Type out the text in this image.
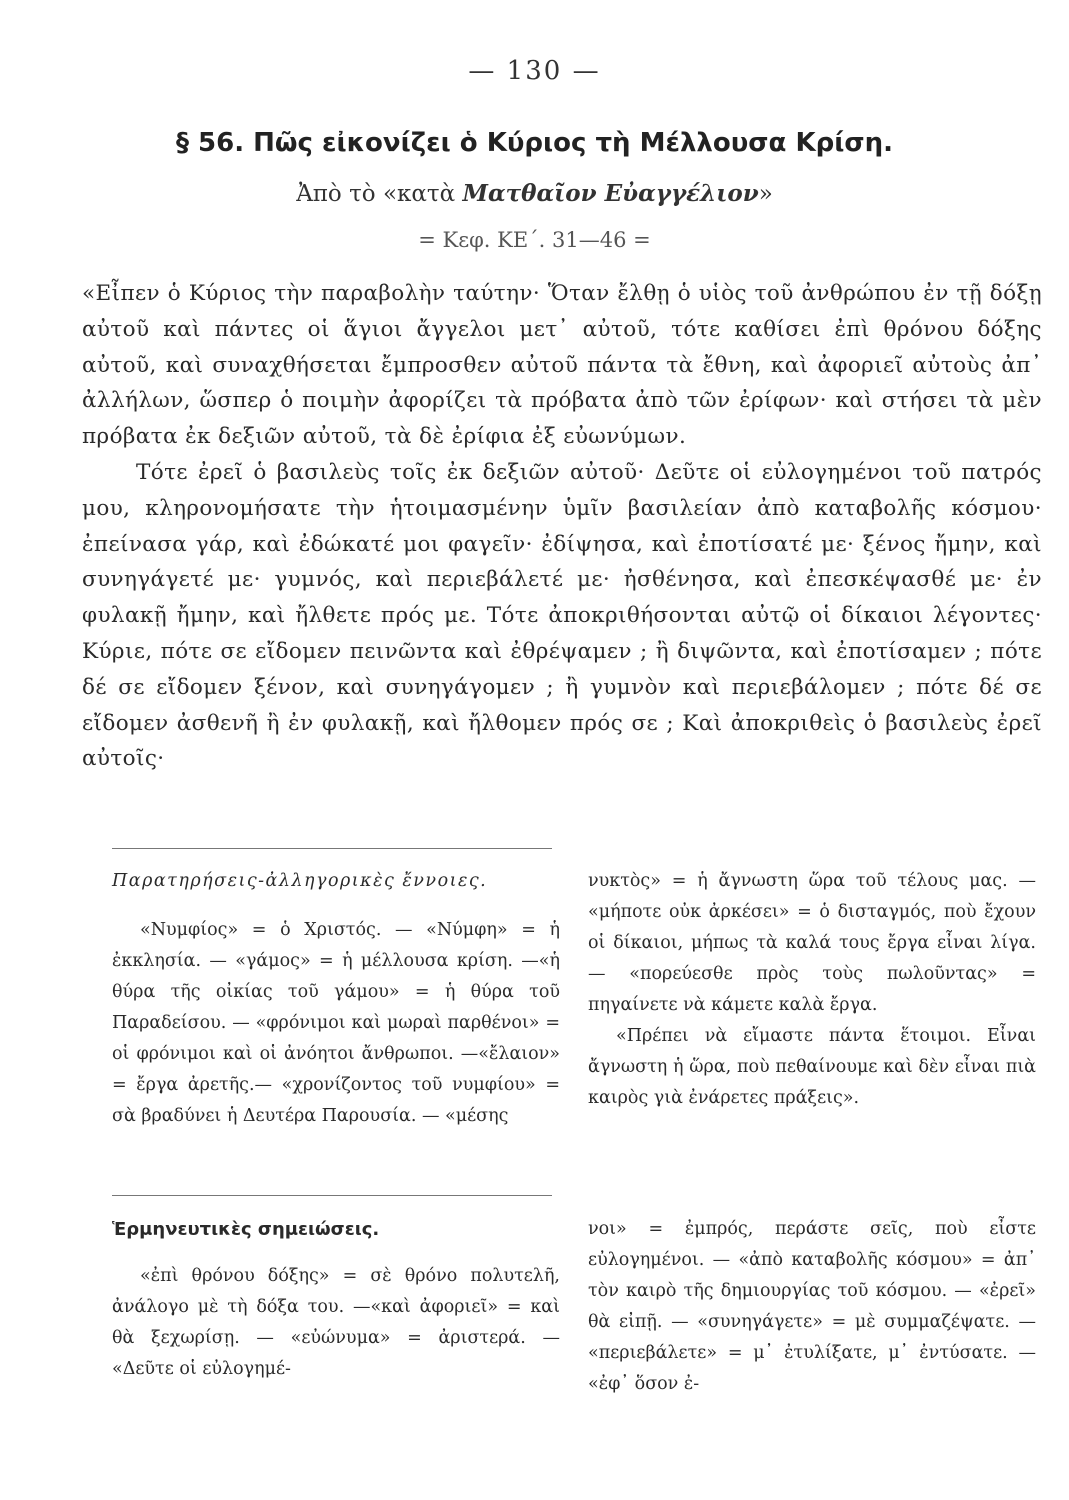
— 130 —
§ 56. Πῶς εἰκονίζει ὁ Κύριος τὴ Μέλλουσα Κρίση.
Ἀπὸ τὸ «κατὰ Ματθαῖον Εὐαγγέλιον»
= Κεφ. ΚΕ΄. 31—46 =

«Εἶπεν ὁ Κύριος τὴν παραβολὴν ταύτην· Ὅταν ἔλθῃ ὁ υἱὸς τοῦ ἀνθρώπου ἐν τῇ δόξῃ αὐτοῦ καὶ πάντες οἱ ἅγιοι ἄγγελοι μετ᾽ αὐτοῦ, τότε καθίσει ἐπὶ θρόνου δόξης αὐτοῦ, καὶ συναχθήσεται ἔμπροσθεν αὐτοῦ πάντα τὰ ἔθνη, καὶ ἀφοριεῖ αὐτοὺς ἀπ᾽ ἀλλήλων, ὥσπερ ὁ ποιμὴν ἀφορίζει τὰ πρόβατα ἀπὸ τῶν ἐρίφων· καὶ στήσει τὰ μὲν πρόβατα ἐκ δεξιῶν αὐτοῦ, τὰ δὲ ἐρίφια ἐξ εὐωνύμων.

Τότε ἐρεῖ ὁ βασιλεὺς τοῖς ἐκ δεξιῶν αὐτοῦ· Δεῦτε οἱ εὐλογημένοι τοῦ πατρός μου, κληρονομήσατε τὴν ἡτοιμασμένην ὑμῖν βασιλείαν ἀπὸ καταβολῆς κόσμου· ἐπείνασα γάρ, καὶ ἐδώκατέ μοι φαγεῖν· ἐδίψησα, καὶ ἐποτίσατέ με· ξένος ἤμην, καὶ συνηγάγετέ με· γυμνός, καὶ περιεβάλετέ με· ἠσθένησα, καὶ ἐπεσκέψασθέ με· ἐν φυλακῇ ἤμην, καὶ ἤλθετε πρός με. Τότε ἀποκριθήσονται αὐτῷ οἱ δίκαιοι λέγοντες· Κύριε, πότε σε εἴδομεν πεινῶντα καὶ ἐθρέψαμεν ; ἢ διψῶντα, καὶ ἐποτίσαμεν ; πότε δέ σε εἴδομεν ξένον, καὶ συνηγάγομεν ; ἢ γυμνὸν καὶ περιεβάλομεν ; πότε δέ σε εἴδομεν ἀσθενῆ ἢ ἐν φυλακῇ, καὶ ἤλθομεν πρός σε ; Καὶ ἀποκριθεὶς ὁ βασιλεὺς ἐρεῖ αὐτοῖς·

Παρατηρήσεις-ἀλληγορικὲς ἔννοιες.

«Νυμφίος» = ὁ Χριστός. — «Νύμφη» = ἡ ἐκκλησία. — «γάμος» = ἡ μέλλουσα κρίση. —«ἡ θύρα τῆς οἰκίας τοῦ γάμου» = ἡ θύρα τοῦ Παραδείσου. — «φρόνιμοι καὶ μωραὶ παρθένοι» = οἱ φρόνιμοι καὶ οἱ ἀνόητοι ἄνθρωποι. —«ἔλαιον» = ἔργα ἀρετῆς.— «χρονίζοντος τοῦ νυμφίου» = σὰ βραδύνει ἡ Δευτέρα Παρουσία. — «μέσης

νυκτὸς» = ἡ ἄγνωστη ὥρα τοῦ τέλους μας. — «μήποτε οὐκ ἀρκέσει» = ὁ δισταγμός, ποὺ ἔχουν οἱ δίκαιοι, μήπως τὰ καλά τους ἔργα εἶναι λίγα. — «πορεύεσθε πρὸς τοὺς πωλοῦντας» = πηγαίνετε νὰ κάμετε καλὰ ἔργα.

«Πρέπει νὰ εἴμαστε πάντα ἕτοιμοι. Εἶναι ἄγνωστη ἡ ὥρα, ποὺ πεθαίνουμε καὶ δὲν εἶναι πιὰ καιρὸς γιὰ ἐνάρετες πράξεις».

Ἑρμηνευτικὲς σημειώσεις.

«ἐπὶ θρόνου δόξης» = σὲ θρόνο πολυτελῆ, ἀνάλογο μὲ τὴ δόξα του. —«καὶ ἀφοριεῖ» = καὶ θὰ ξεχωρίσῃ. — «εὐώνυμα» = ἀριστερά. — «Δεῦτε οἱ εὐλογημέ-

νοι» = ἐμπρός, περάστε σεῖς, ποὺ εἶστε εὐλογημένοι. — «ἀπὸ καταβολῆς κόσμου» = ἀπ᾽ τὸν καιρὸ τῆς δημιουργίας τοῦ κόσμου. — «ἐρεῖ» θὰ εἰπῇ. — «συνηγάγετε» = μὲ συμμαζέψατε. — «περιεβάλετε» = μ᾽ ἐτυλίξατε, μ᾽ ἐντύσατε. — «ἐφ᾽ ὅσον ἐ-
